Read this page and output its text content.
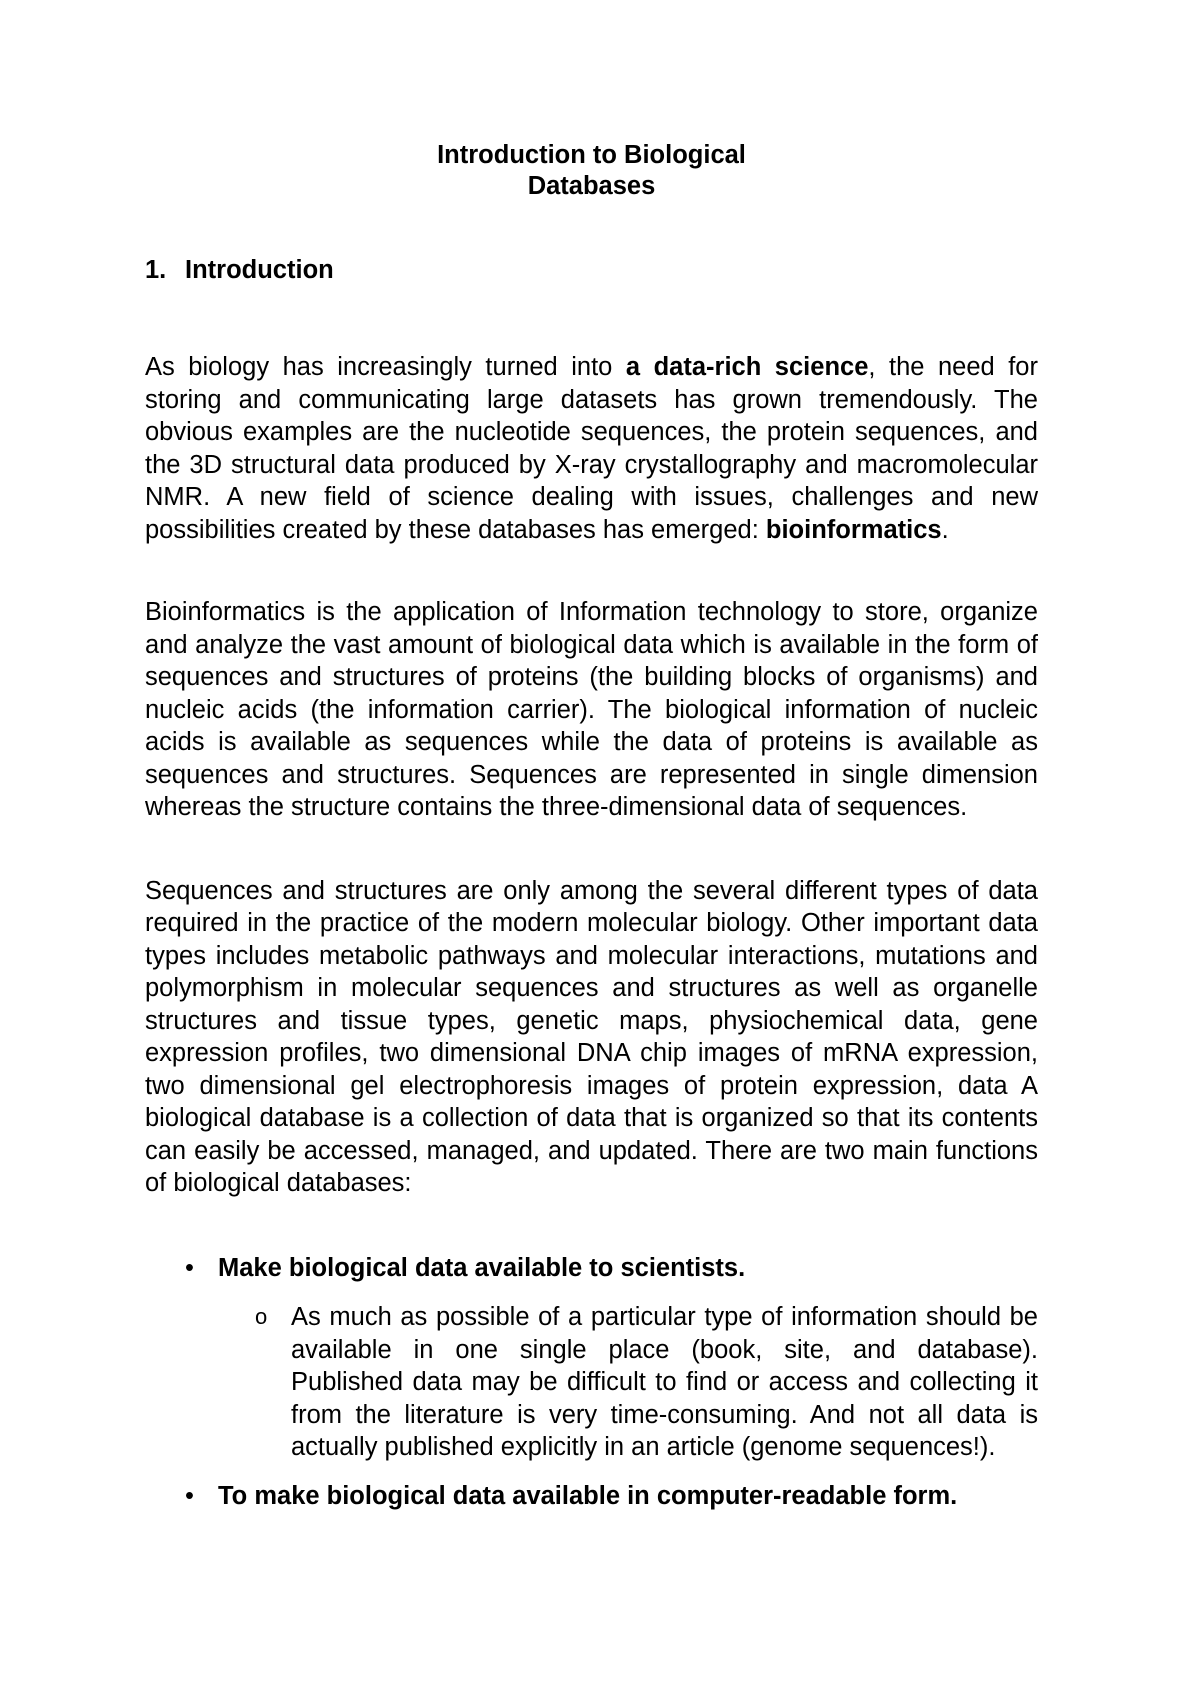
Introduction to Biological
Databases
1. Introduction

As biology has increasingly turned into a data-rich science, the need for storing and communicating large datasets has grown tremendously. The obvious examples are the nucleotide sequences, the protein sequences, and the 3D structural data produced by X-ray crystallography and macromolecular NMR. A new field of science dealing with issues, challenges and new possibilities created by these databases has emerged: bioinformatics.

Bioinformatics is the application of Information technology to store, organize and analyze the vast amount of biological data which is available in the form of sequences and structures of proteins (the building blocks of organisms) and nucleic acids (the information carrier). The biological information of nucleic acids is available as sequences while the data of proteins is available as sequences and structures. Sequences are represented in single dimension whereas the structure contains the three-dimensional data of sequences.

Sequences and structures are only among the several different types of data required in the practice of the modern molecular biology. Other important data types includes metabolic pathways and molecular interactions, mutations and polymorphism in molecular sequences and structures as well as organelle structures and tissue types, genetic maps, physiochemical data, gene expression profiles, two dimensional DNA chip images of mRNA expression, two dimensional gel electrophoresis images of protein expression, data A biological database is a collection of data that is organized so that its contents can easily be accessed, managed, and updated. There are two main functions of biological databases:

• Make biological data available to scientists.
o As much as possible of a particular type of information should be available in one single place (book, site, and database). Published data may be difficult to find or access and collecting it from the literature is very time-consuming. And not all data is actually published explicitly in an article (genome sequences!).
• To make biological data available in computer-readable form.
